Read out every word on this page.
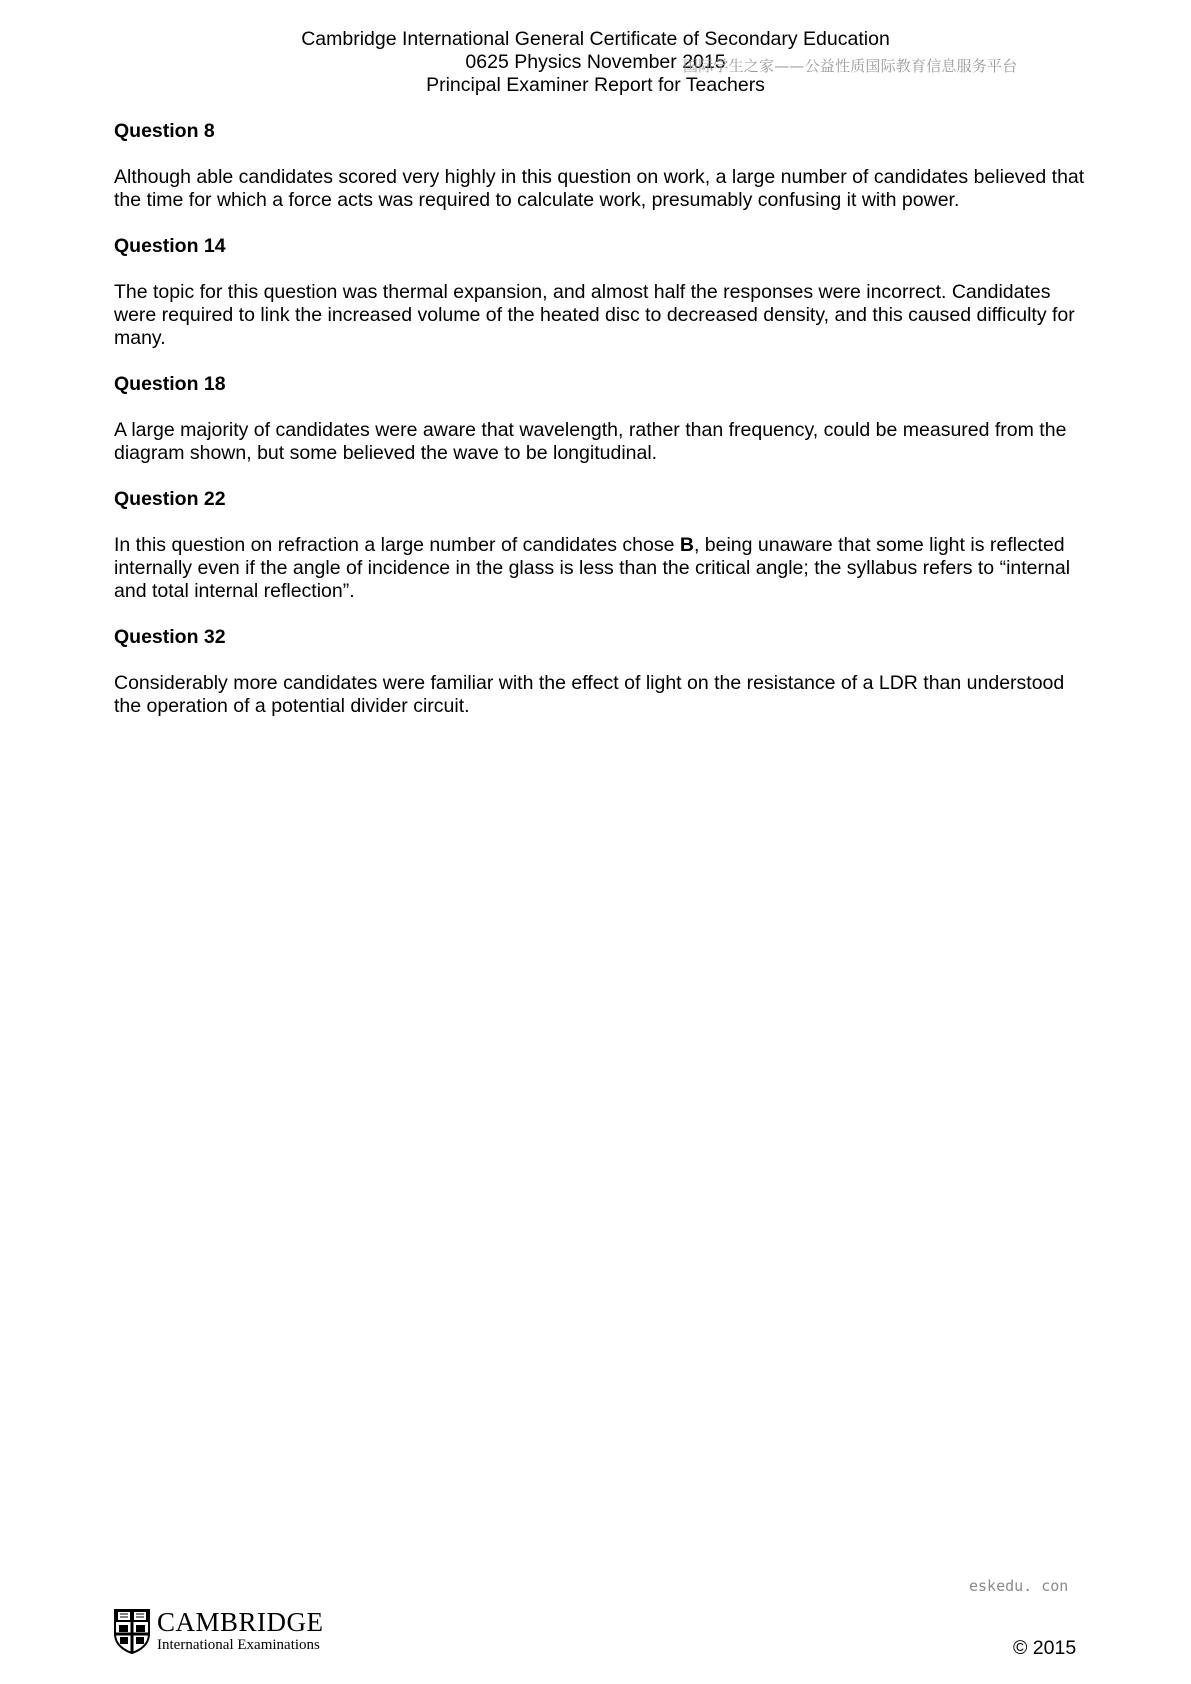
Cambridge International General Certificate of Secondary Education
0625 Physics November 2015
Principal Examiner Report for Teachers
国际学生之家——公益性质国际教育信息服务平台
Question 8
Although able candidates scored very highly in this question on work, a large number of candidates believed that the time for which a force acts was required to calculate work, presumably confusing it with power.
Question 14
The topic for this question was thermal expansion, and almost half the responses were incorrect. Candidates were required to link the increased volume of the heated disc to decreased density, and this caused difficulty for many.
Question 18
A large majority of candidates were aware that wavelength, rather than frequency, could be measured from the diagram shown, but some believed the wave to be longitudinal.
Question 22
In this question on refraction a large number of candidates chose B, being unaware that some light is reflected internally even if the angle of incidence in the glass is less than the critical angle; the syllabus refers to “internal and total internal reflection”.
Question 32
Considerably more candidates were familiar with the effect of light on the resistance of a LDR than understood the operation of a potential divider circuit.
eskedu. con
CAMBRIDGE
International Examinations	© 2015
